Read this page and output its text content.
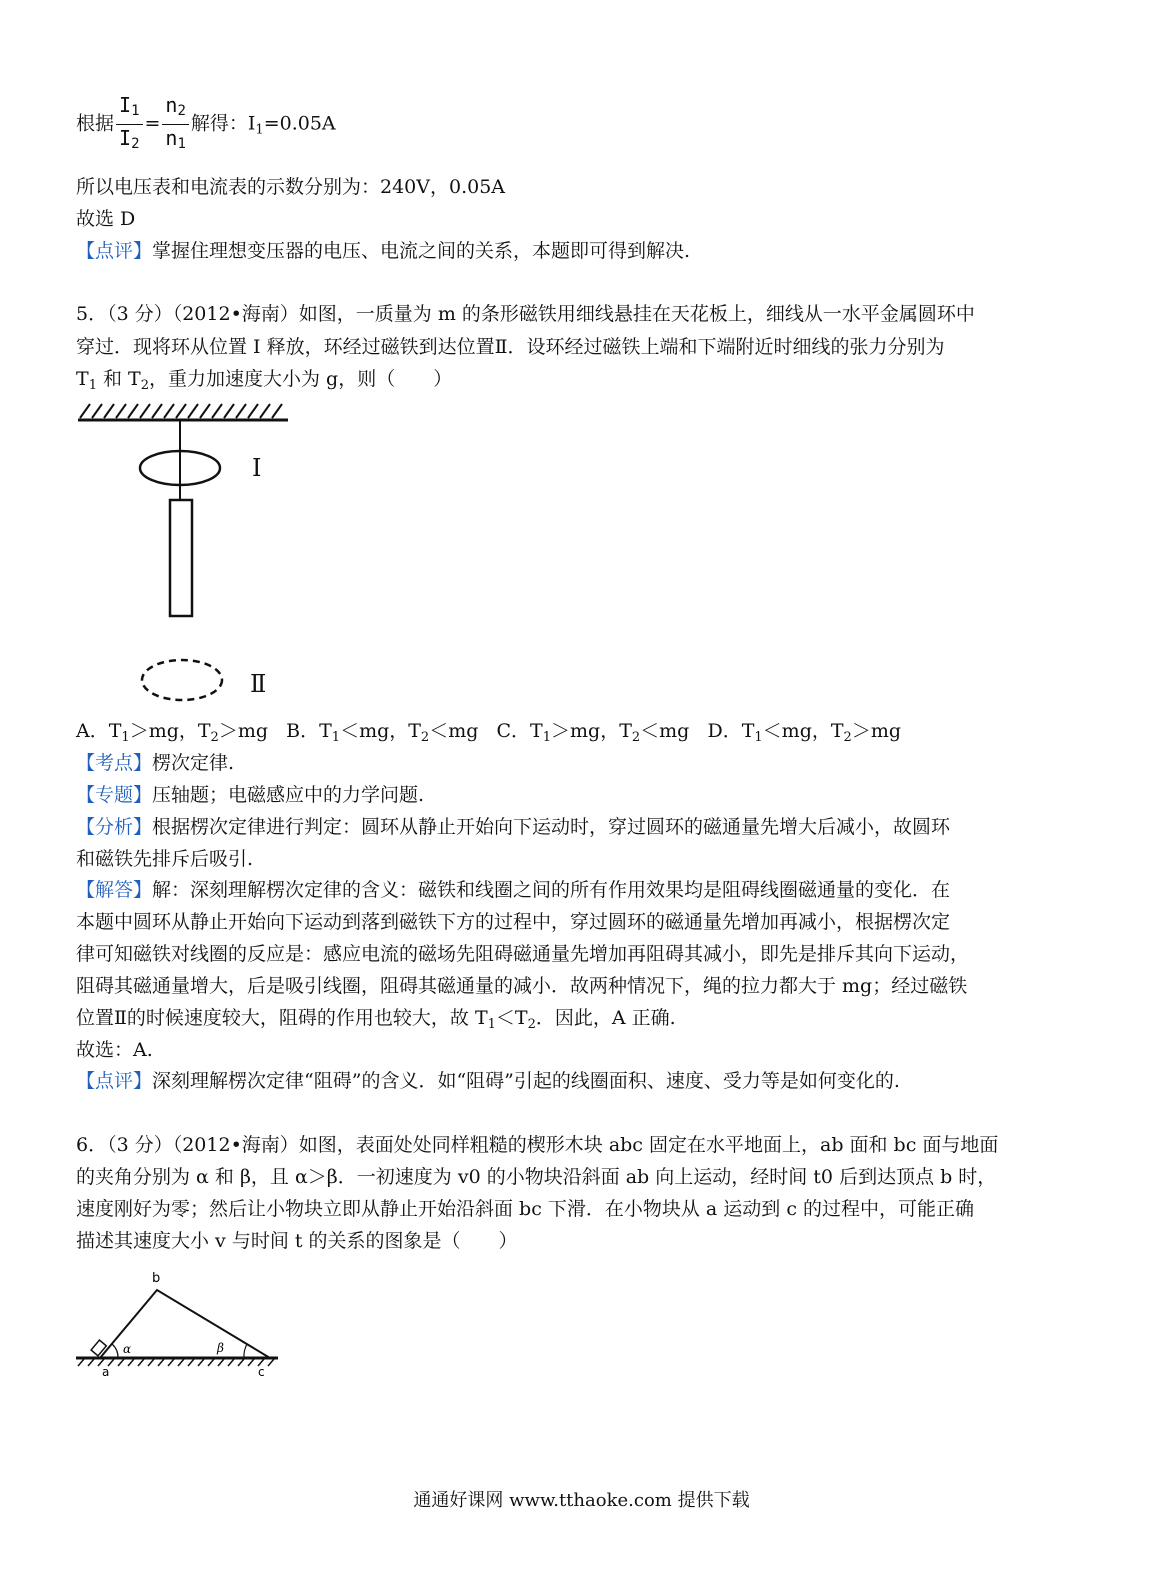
根据 $\frac{I_1}{I_2} = \frac{n_2}{n_1}$ 解得：$I_1=0.05A$
所以电压表和电流表的示数分别为：240V，0.05A
故选 D
【点评】掌握住理想变压器的电压、电流之间的关系，本题即可得到解决.
5．（3 分）（2012•海南）如图，一质量为 m 的条形磁铁用细线悬挂在天花板上，细线从一水平金属圆环中
穿过．现将环从位置 I 释放，环经过磁铁到达位置Ⅱ．设环经过磁铁上端和下端附近时细线的张力分别为
$T_1$ 和 $T_2$，重力加速度大小为 g，则（　　）
I
Ⅱ
A．$T_1>mg$，$T_2>mg$ B．$T_1<mg$，$T_2<mg$ C．$T_1>mg$，$T_2<mg$ D．$T_1<mg$，$T_2>mg$
【考点】楞次定律.
【专题】压轴题；电磁感应中的力学问题.
【分析】根据楞次定律进行判定：圆环从静止开始向下运动时，穿过圆环的磁通量先增大后减小，故圆环
和磁铁先排斥后吸引.
【解答】解：深刻理解楞次定律的含义：磁铁和线圈之间的所有作用效果均是阻碍线圈磁通量的变化．在
本题中圆环从静止开始向下运动到落到磁铁下方的过程中，穿过圆环的磁通量先增加再减小，根据楞次定
律可知磁铁对线圈的反应是：感应电流的磁场先阻碍磁通量先增加再阻碍其减小，即先是排斥其向下运动，
阻碍其磁通量增大，后是吸引线圈，阻碍其磁通量的减小．故两种情况下，绳的拉力都大于 mg；经过磁铁
位置Ⅱ的时候速度较大，阻碍的作用也较大，故 $T_1<T_2$．因此，A 正确.
故选：A.
【点评】深刻理解楞次定律“阻碍”的含义．如“阻碍”引起的线圈面积、速度、受力等是如何变化的.
6．（3 分）（2012•海南）如图，表面处处同样粗糙的楔形木块 abc 固定在水平地面上，ab 面和 bc 面与地面
的夹角分别为 α 和 β，且 α＞β．一初速度为 v0 的小物块沿斜面 ab 向上运动，经时间 t0 后到达顶点 b 时，
速度刚好为零；然后让小物块立即从静止开始沿斜面 bc 下滑．在小物块从 a 运动到 c 的过程中，可能正确
描述其速度大小 v 与时间 t 的关系的图象是（　　）
b
α	β
a	c
通通好课网 www.tthaoke.com 提供下载
